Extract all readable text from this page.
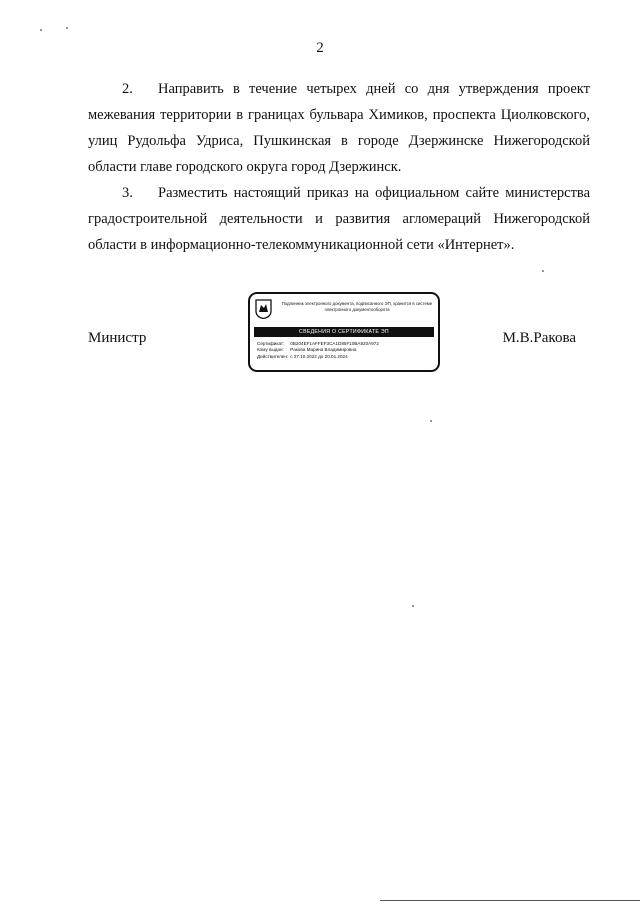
2
2. Направить в течение четырех дней со дня утверждения проект межевания территории в границах бульвара Химиков, проспекта Циолковского, улиц Рудольфа Удриса, Пушкинская в городе Дзержинске Нижегородской области главе городского округа город Дзержинск.
3. Разместить настоящий приказ на официальном сайте министерства градостроительной деятельности и развития агломераций Нижегородской области в информационно-телекоммуникационной сети «Интернет».
Министр
Подлинник электронного документа, подписанного ЭП, хранится в системе электронного документооборота
СВЕДЕНИЯ О СЕРТИФИКАТЕ ЭП
Сертификат: 0B204EF1AFFEF3CA1D85F10BA920A972
Кому выдан: Ракова Марина Владимировна
Действителен: с 27.10.2022 до 20.01.2024
М.В.Ракова
